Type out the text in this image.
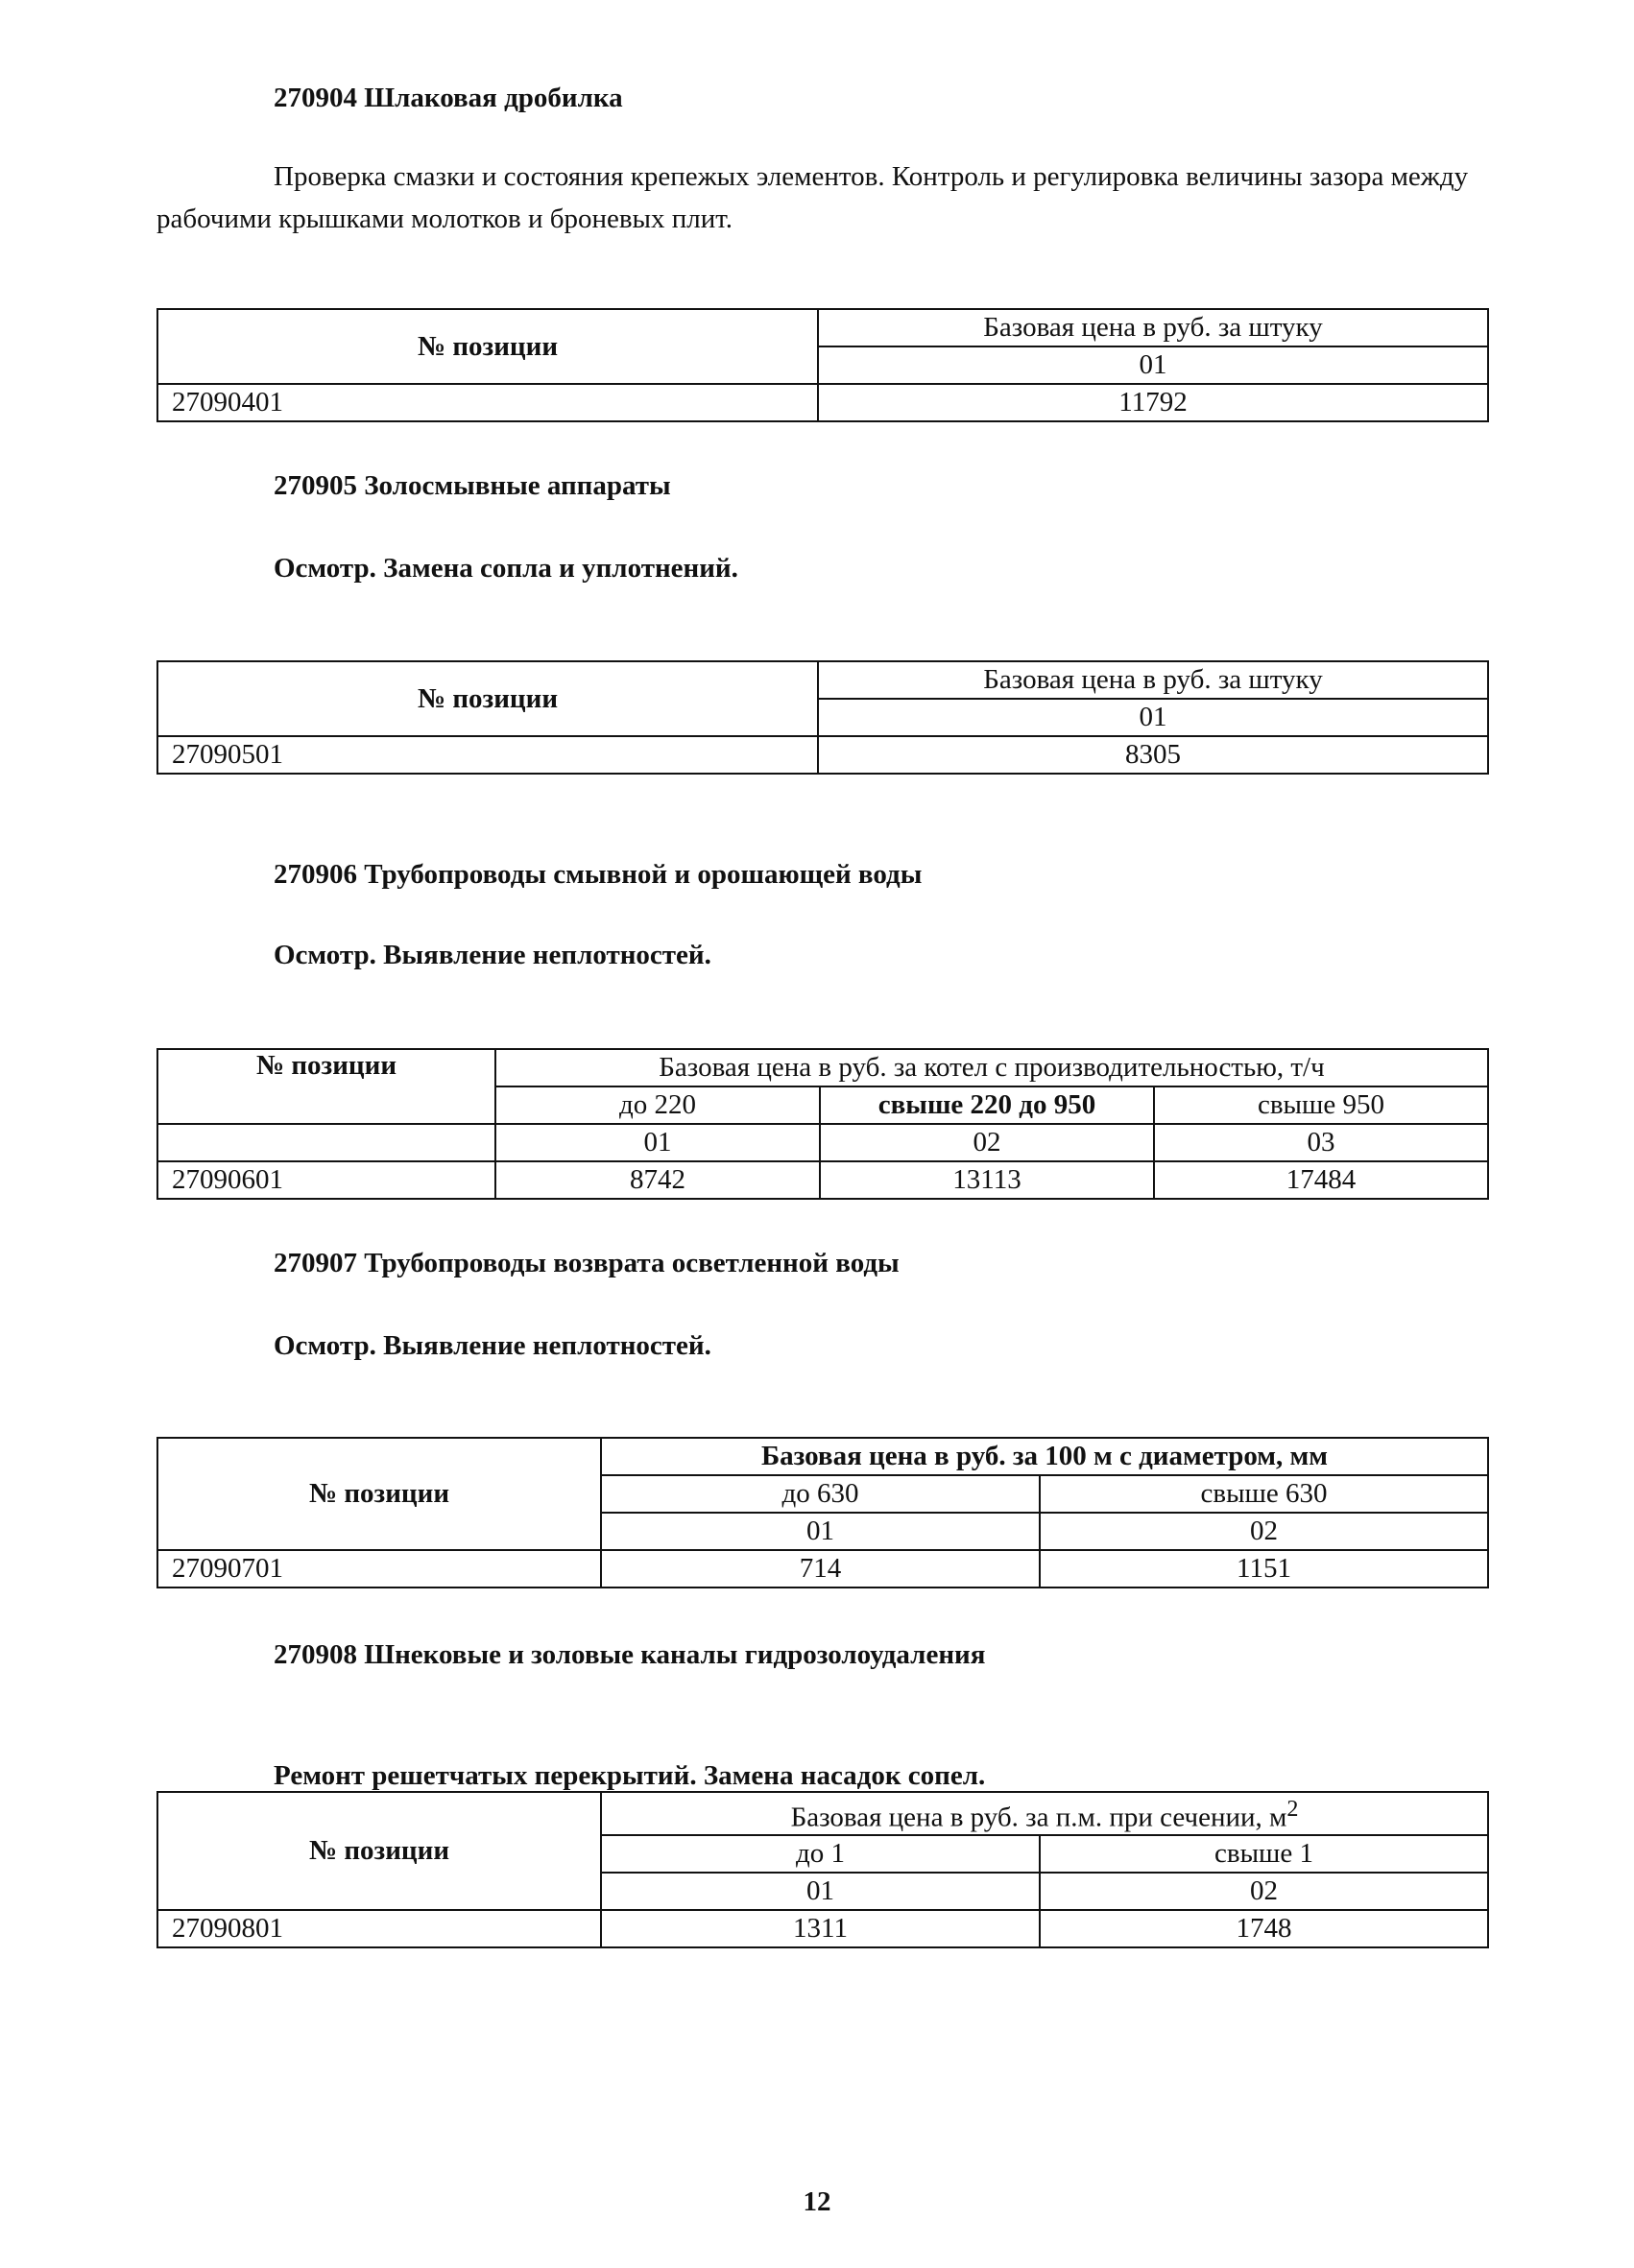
270904 Шлаковая дробилка

Проверка смазки и состояния крепежых элементов. Контроль и регулировка величины зазора между рабочими крышками молотков и броневых плит.

№ позиции	Базовая цена в руб. за штуку
	01
27090401	11792
270905 Золосмывные аппараты

Осмотр. Замена сопла и уплотнений.

№ позиции	Базовая цена в руб. за штуку
	01
27090501	8305
270906 Трубопроводы смывной и орошающей воды

Осмотр. Выявление неплотностей.

№ позиции	Базовая цена в руб. за котел с производительностью, т/ч		
	до 220	свыше 220 до 950	свыше 950
	01	02	03
27090601	8742	13113	17484
270907 Трубопроводы возврата осветленной воды

Осмотр. Выявление неплотностей.

№ позиции	Базовая цена в руб. за 100 м с диаметром, мм	
	до 630	свыше 630
	01	02
27090701	714	1151
270908 Шнековые и золовые каналы гидрозолоудаления

Ремонт решетчатых перекрытий. Замена насадок сопел.

№ позиции	Базовая цена в руб. за п.м. при сечении, $м^2$
	до 1	свыше 1
	01	02
27090801	1311	1748

12
